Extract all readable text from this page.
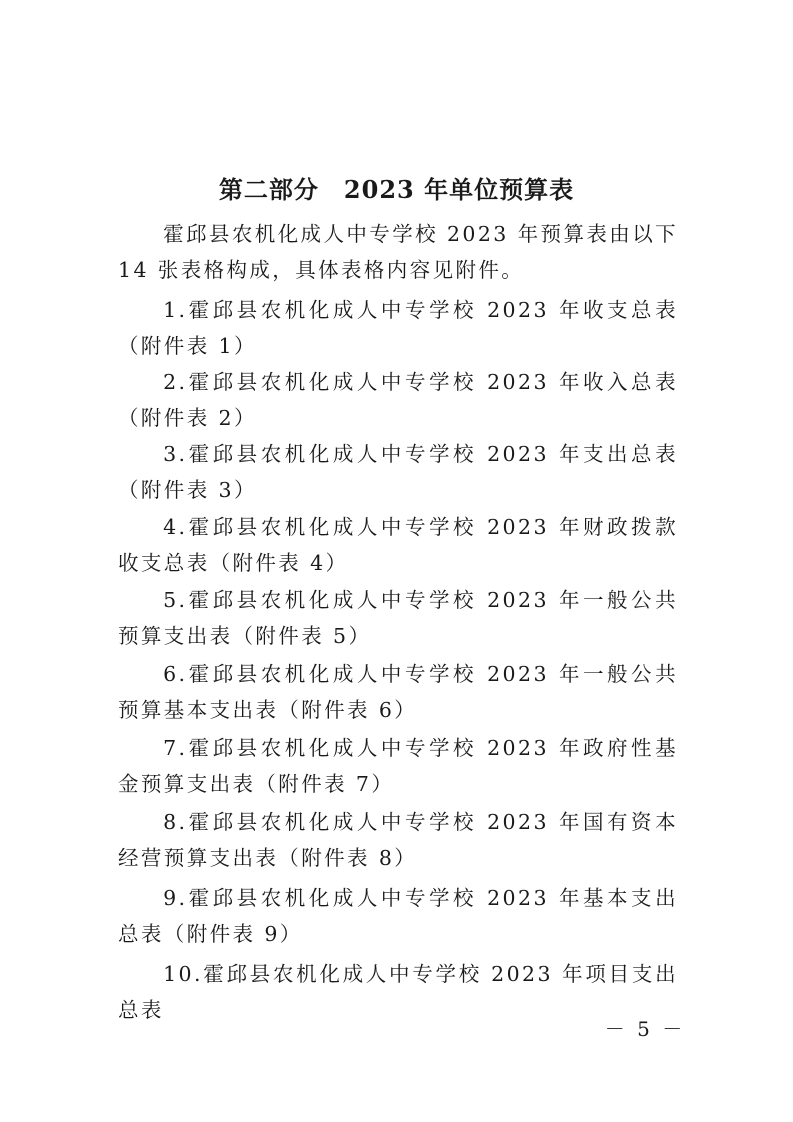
第二部分　2023 年单位预算表

霍邱县农机化成人中专学校 2023 年预算表由以下 14 张表格构成，具体表格内容见附件。

1.霍邱县农机化成人中专学校 2023 年收支总表（附件表 1）

2.霍邱县农机化成人中专学校 2023 年收入总表（附件表 2）

3.霍邱县农机化成人中专学校 2023 年支出总表（附件表 3）

4.霍邱县农机化成人中专学校 2023 年财政拨款收支总表（附件表 4）

5.霍邱县农机化成人中专学校 2023 年一般公共预算支出表（附件表 5）

6.霍邱县农机化成人中专学校 2023 年一般公共预算基本支出表（附件表 6）

7.霍邱县农机化成人中专学校 2023 年政府性基金预算支出表（附件表 7）

8.霍邱县农机化成人中专学校 2023 年国有资本经营预算支出表（附件表 8）

9.霍邱县农机化成人中专学校 2023 年基本支出总表（附件表 9）

10.霍邱县农机化成人中专学校 2023 年项目支出总表

－ 5 －
